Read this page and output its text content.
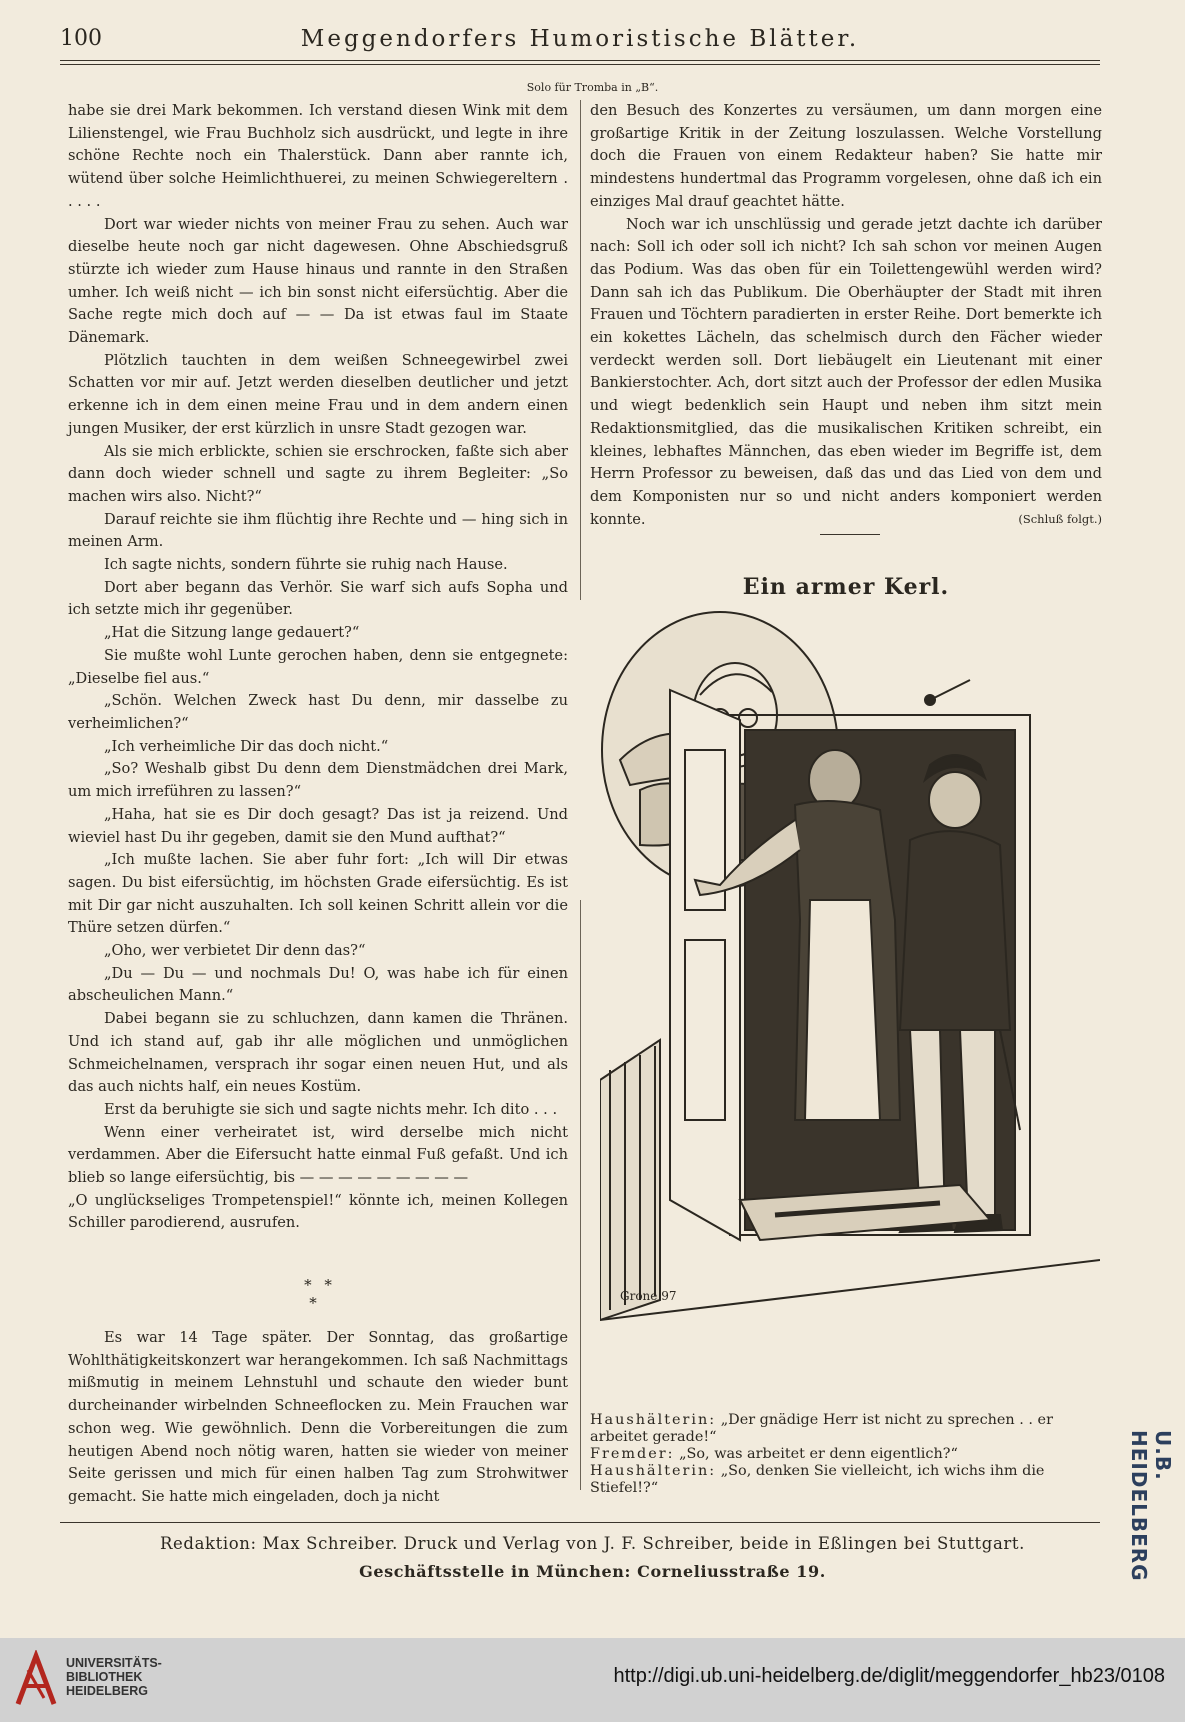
100	Meggendorfers Humoristische Blätter.
Solo für Tromba in „B“.

habe sie drei Mark bekommen. Ich verstand diesen Wink mit dem Lilienstengel, wie Frau Buchholz sich ausdrückt, und legte in ihre schöne Rechte noch ein Thalerstück. Dann aber rannte ich, wütend über solche Heimlichthuerei, zu meinen Schwiegereltern . . . . .

Dort war wieder nichts von meiner Frau zu sehen. Auch war dieselbe heute noch gar nicht dagewesen. Ohne Abschiedsgruß stürzte ich wieder zum Hause hinaus und rannte in den Straßen umher. Ich weiß nicht — ich bin sonst nicht eifersüchtig. Aber die Sache regte mich doch auf — — Da ist etwas faul im Staate Dänemark.

Plötzlich tauchten in dem weißen Schneegewirbel zwei Schatten vor mir auf. Jetzt werden dieselben deutlicher und jetzt erkenne ich in dem einen meine Frau und in dem andern einen jungen Musiker, der erst kürzlich in unsre Stadt gezogen war.

Als sie mich erblickte, schien sie erschrocken, faßte sich aber dann doch wieder schnell und sagte zu ihrem Begleiter: „So machen wirs also. Nicht?“

Darauf reichte sie ihm flüchtig ihre Rechte und — hing sich in meinen Arm.

Ich sagte nichts, sondern führte sie ruhig nach Hause.

Dort aber begann das Verhör. Sie warf sich aufs Sopha und ich setzte mich ihr gegenüber.

„Hat die Sitzung lange gedauert?“

Sie mußte wohl Lunte gerochen haben, denn sie entgegnete: „Dieselbe fiel aus.“

„Schön. Welchen Zweck hast Du denn, mir dasselbe zu verheimlichen?“

„Ich verheimliche Dir das doch nicht.“

„So? Weshalb gibst Du denn dem Dienstmädchen drei Mark, um mich irreführen zu lassen?“

„Haha, hat sie es Dir doch gesagt? Das ist ja reizend. Und wieviel hast Du ihr gegeben, damit sie den Mund aufthat?“

„Ich mußte lachen. Sie aber fuhr fort: „Ich will Dir etwas sagen. Du bist eifersüchtig, im höchsten Grade eifersüchtig. Es ist mit Dir gar nicht auszuhalten. Ich soll keinen Schritt allein vor die Thüre setzen dürfen.“

„Oho, wer verbietet Dir denn das?“

„Du — Du — und nochmals Du! O, was habe ich für einen abscheulichen Mann.“

Dabei begann sie zu schluchzen, dann kamen die Thränen. Und ich stand auf, gab ihr alle möglichen und unmöglichen Schmeichelnamen, versprach ihr sogar einen neuen Hut, und als das auch nichts half, ein neues Kostüm.

Erst da beruhigte sie sich und sagte nichts mehr. Ich dito . . .

Wenn einer verheiratet ist, wird derselbe mich nicht verdammen. Aber die Eifersucht hatte einmal Fuß gefaßt. Und ich blieb so lange eifersüchtig, bis — — — — — — — — —

„O unglückseliges Trompetenspiel!“ könnte ich, meinen Kollegen Schiller parodierend, ausrufen.

* *
*

Es war 14 Tage später. Der Sonntag, das großartige Wohlthätigkeitskonzert war herangekommen. Ich saß Nachmittags mißmutig in meinem Lehnstuhl und schaute den wieder bunt durcheinander wirbelnden Schneeflocken zu. Mein Frauchen war schon weg. Wie gewöhnlich. Denn die Vorbereitungen die zum heutigen Abend noch nötig waren, hatten sie wieder von meiner Seite gerissen und mich für einen halben Tag zum Strohwitwer gemacht. Sie hatte mich eingeladen, doch ja nicht

den Besuch des Konzertes zu versäumen, um dann morgen eine großartige Kritik in der Zeitung loszulassen. Welche Vorstellung doch die Frauen von einem Redakteur haben? Sie hatte mir mindestens hundertmal das Programm vorgelesen, ohne daß ich ein einziges Mal drauf geachtet hätte.

Noch war ich unschlüssig und gerade jetzt dachte ich darüber nach: Soll ich oder soll ich nicht? Ich sah schon vor meinen Augen das Podium. Was das oben für ein Toilettengewühl werden wird? Dann sah ich das Publikum. Die Oberhäupter der Stadt mit ihren Frauen und Töchtern paradierten in erster Reihe. Dort bemerkte ich ein kokettes Lächeln, das schelmisch durch den Fächer wieder verdeckt werden soll. Dort liebäugelt ein Lieutenant mit einer Bankierstochter. Ach, dort sitzt auch der Professor der edlen Musika und wiegt bedenklich sein Haupt und neben ihm sitzt mein Redaktionsmitglied, das die musikalischen Kritiken schreibt, ein kleines, lebhaftes Männchen, das eben wieder im Begriffe ist, dem Herrn Professor zu beweisen, daß das und das Lied von dem und dem Komponisten nur so und nicht anders komponiert werden konnte.	(Schluß folgt.)
Ein armer Kerl.
Grone 97

Haushälterin: „Der gnädige Herr ist nicht zu sprechen . . er arbeitet gerade!“

Fremder: „So, was arbeitet er denn eigentlich?“

Haushälterin: „So, denken Sie vielleicht, ich wichs ihm die Stiefel!?“

Redaktion: Max Schreiber. Druck und Verlag von J. F. Schreiber, beide in Eßlingen bei Stuttgart.
Geschäftsstelle in München: Corneliusstraße 19.
U.B. HEIDELBERG
UNIVERSITÄTS-
BIBLIOTHEK
HEIDELBERG
http://digi.ub.uni-heidelberg.de/diglit/meggendorfer_hb23/0108
